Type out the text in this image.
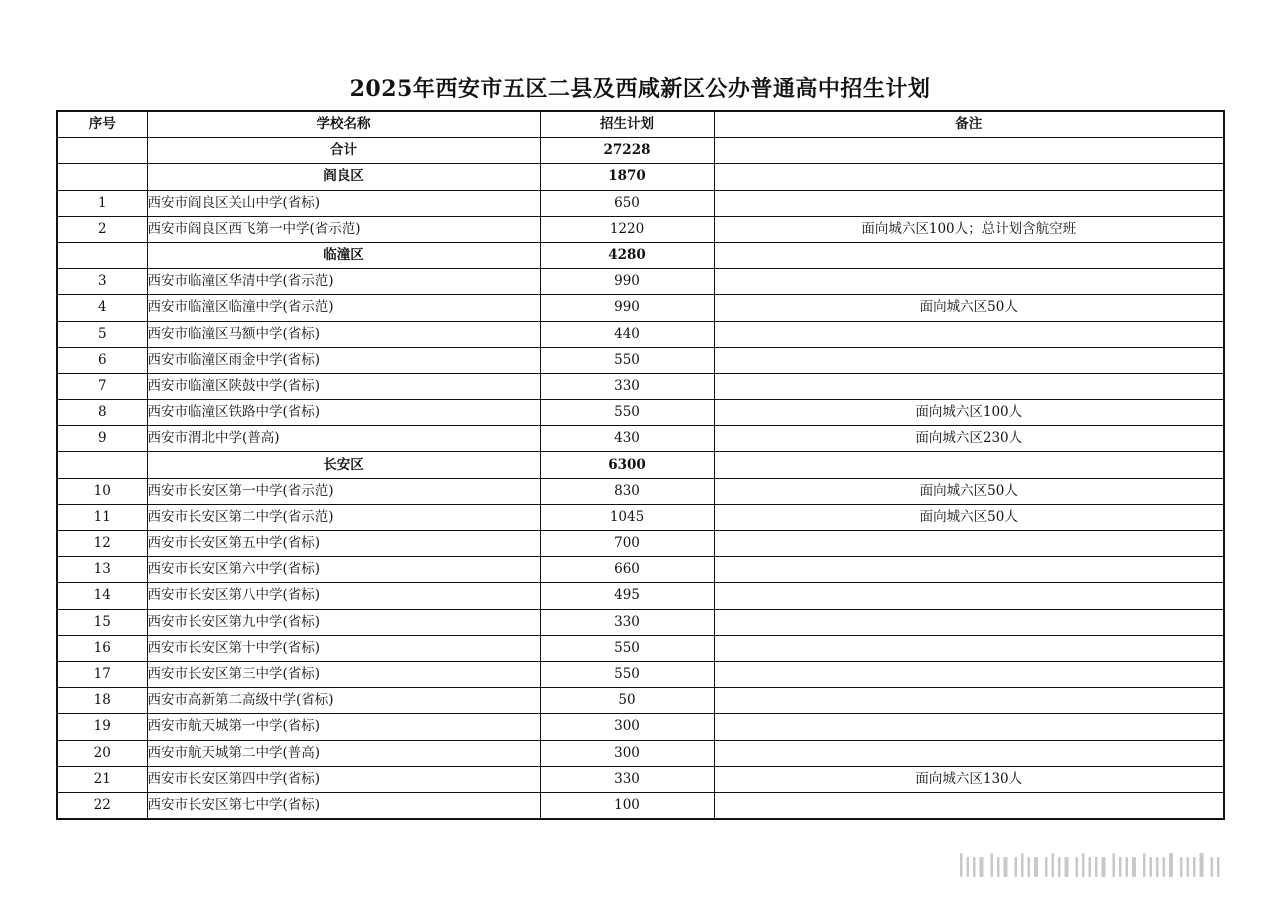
2025年西安市五区二县及西咸新区公办普通高中招生计划
序号	学校名称	招生计划	备注
	合计	27228	
	阎良区	1870	
1	西安市阎良区关山中学(省标)	650	
2	西安市阎良区西飞第一中学(省示范)	1220	面向城六区100人；总计划含航空班
	临潼区	4280	
3	西安市临潼区华清中学(省示范)	990	
4	西安市临潼区临潼中学(省示范)	990	面向城六区50人
5	西安市临潼区马额中学(省标)	440	
6	西安市临潼区雨金中学(省标)	550	
7	西安市临潼区陕鼓中学(省标)	330	
8	西安市临潼区铁路中学(省标)	550	面向城六区100人
9	西安市渭北中学(普高)	430	面向城六区230人
	长安区	6300	
10	西安市长安区第一中学(省示范)	830	面向城六区50人
11	西安市长安区第二中学(省示范)	1045	面向城六区50人
12	西安市长安区第五中学(省标)	700	
13	西安市长安区第六中学(省标)	660	
14	西安市长安区第八中学(省标)	495	
15	西安市长安区第九中学(省标)	330	
16	西安市长安区第十中学(省标)	550	
17	西安市长安区第三中学(省标)	550	
18	西安市高新第二高级中学(省标)	50	
19	西安市航天城第一中学(省标)	300	
20	西安市航天城第二中学(普高)	300	
21	西安市长安区第四中学(省标)	330	面向城六区130人
22	西安市长安区第七中学(省标)	100	
